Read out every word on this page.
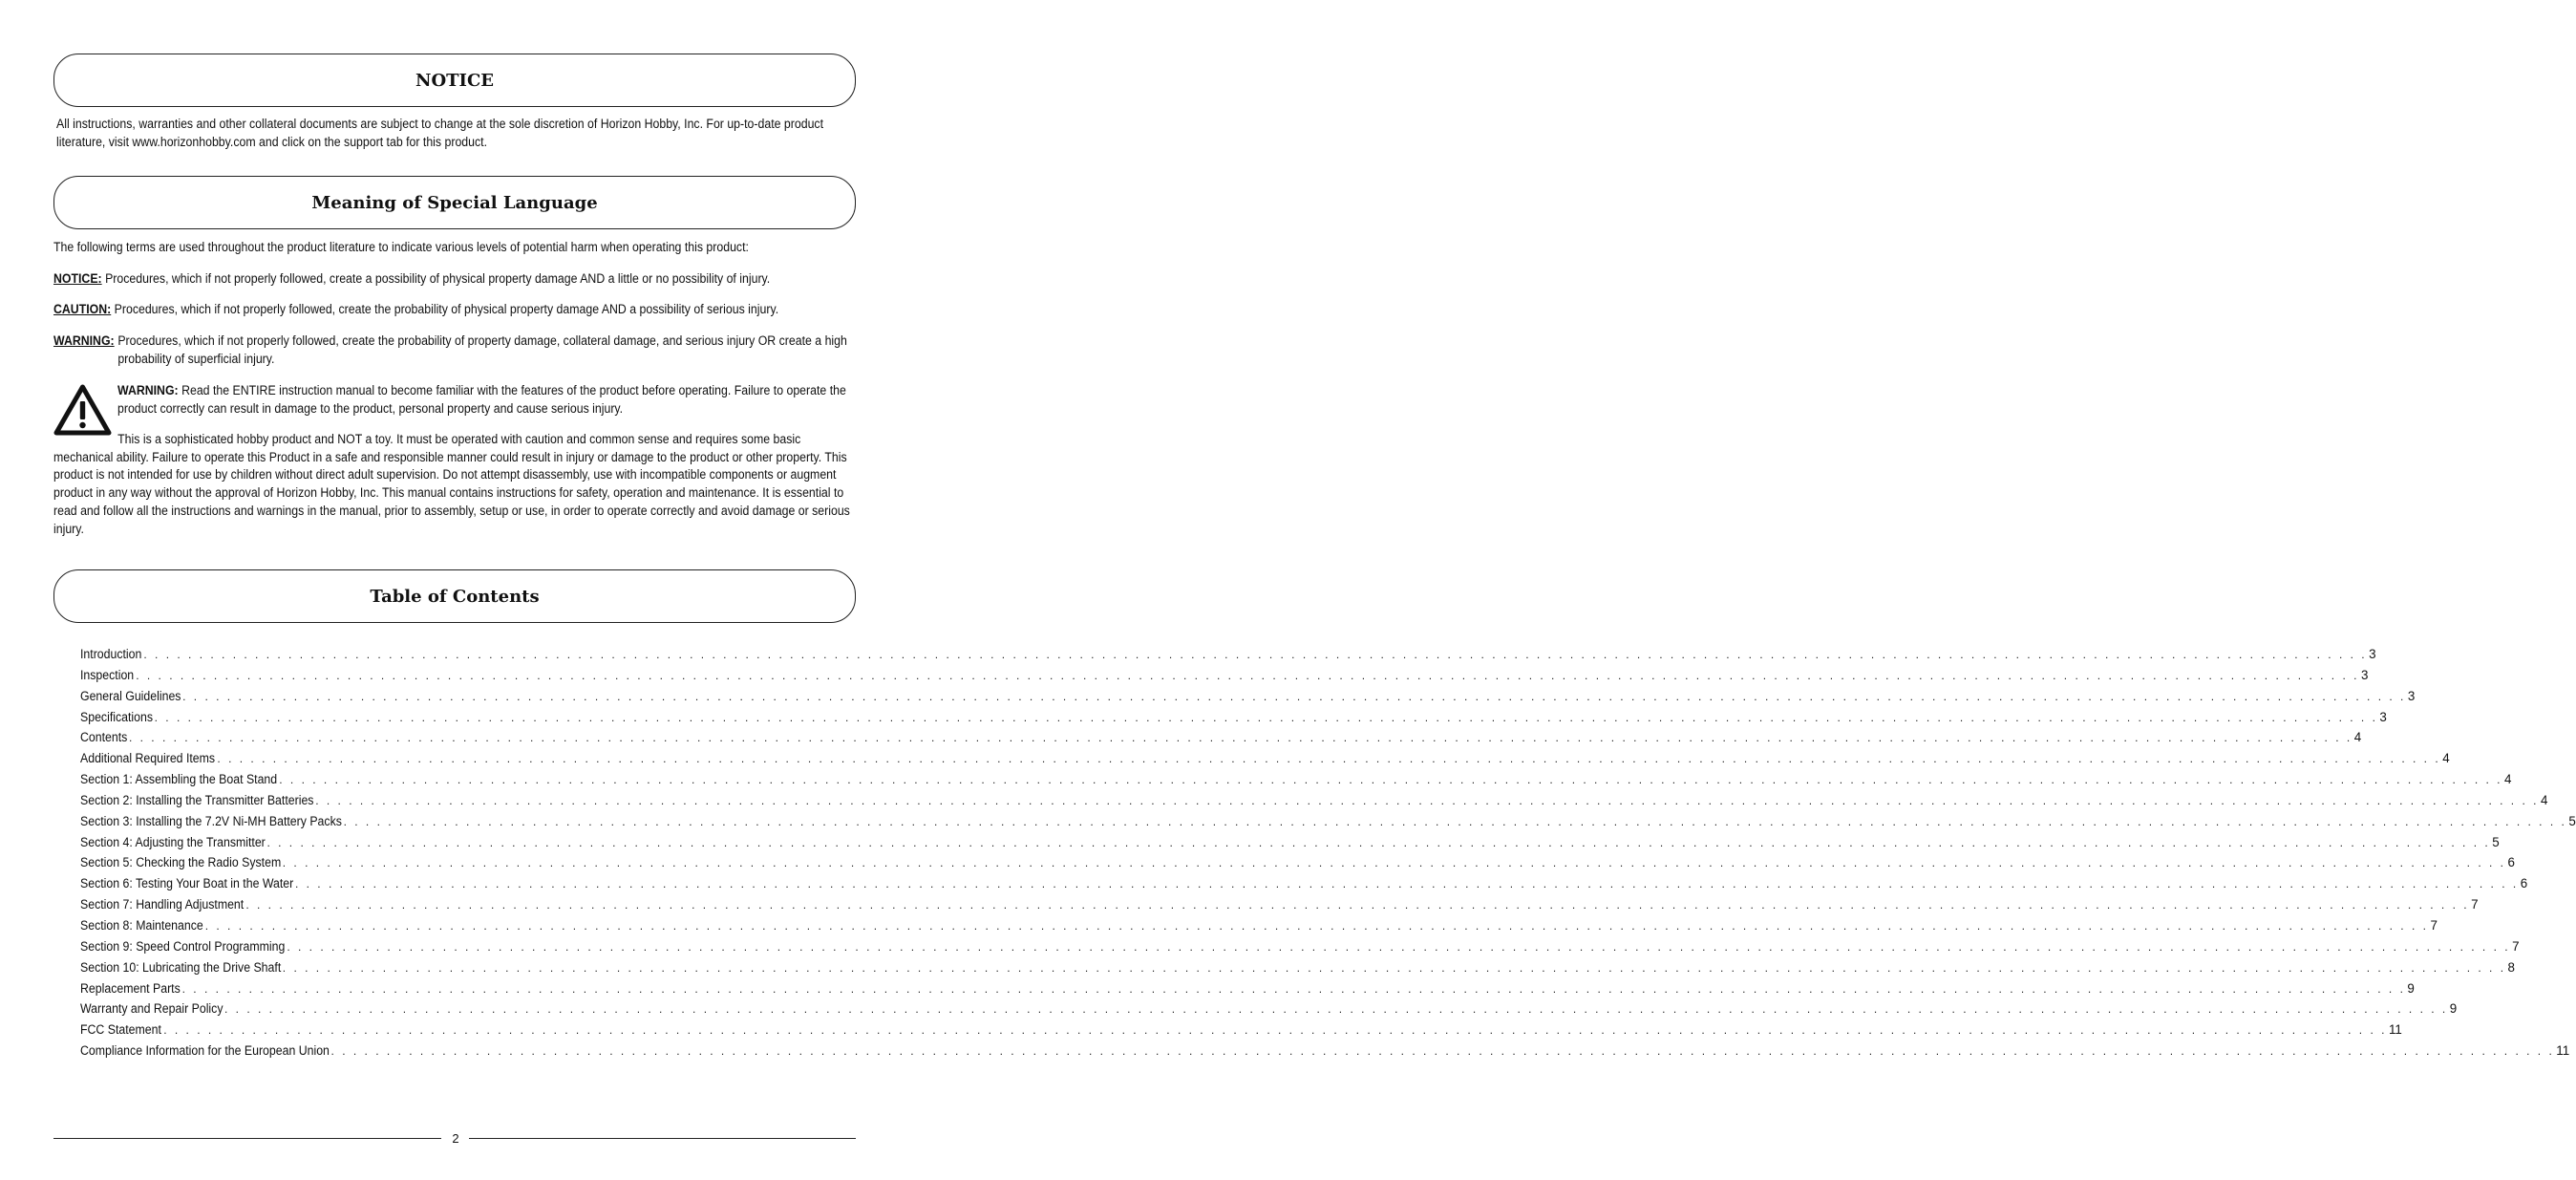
NOTICE
All instructions, warranties and other collateral documents are subject to change at the sole discretion of Horizon Hobby, Inc. For up-to-date product literature, visit www.horizonhobby.com and click on the support tab for this product.
Meaning of Special Language
The following terms are used throughout the product literature to indicate various levels of potential harm when operating this product:
NOTICE: Procedures, which if not properly followed, create a possibility of physical property damage AND a little or no possibility of injury.
CAUTION: Procedures, which if not properly followed, create the probability of physical property damage AND a possibility of serious injury.
WARNING: Procedures, which if not properly followed, create the probability of property damage, collateral damage, and serious injury OR create a high probability of superficial injury.
WARNING: Read the ENTIRE instruction manual to become familiar with the features of the product before operating. Failure to operate the product correctly can result in damage to the product, personal property and cause serious injury.
This is a sophisticated hobby product and NOT a toy. It must be operated with caution and common sense and requires some basic mechanical ability. Failure to operate this Product in a safe and responsible manner could result in injury or damage to the product or other property. This product is not intended for use by children without direct adult supervision. Do not attempt disassembly, use with incompatible components or augment product in any way without the approval of Horizon Hobby, Inc. This manual contains instructions for safety, operation and maintenance. It is essential to read and follow all the instructions and warnings in the manual, prior to assembly, setup or use, in order to operate correctly and avoid damage or serious injury.
Table of Contents
Introduction . . . . . . . . . . . . . . . . . . . . . . . . . . . . . . . . . . . . . . . . . . . . . . . . . . . . . . . . . . . . . . . . . . . . . . . . . . . . . . . . . . . . . . . . . . . . . . . . . . . . . . . . . . . . . . . . . . . . . . . . . . . . . . . . . . . . . . . . . . . . . . . . . . . . . . . . . . . . . . . . . . . . . . . . . . . . . . . . . . . . . . . . . . . . . . . . . . . . . . . . 3
Inspection . . . . . . . . . . . . . . . . . . . . . . . . . . . . . . . . . . . . . . . . . . . . . . . . . . . . . . . . . . . . . . . . . . . . . . . . . . . . . . . . . . . . . . . . . . . . . . . . . . . . . . . . . . . . . . . . . . . . . . . . . . . . . . . . . . . . . . . . . . . . . . . . . . . . . . . . . . . . . . . . . . . . . . . . . . . . . . . . . . . . . . . . . . . . . . . . . . . . . . . . 3
General Guidelines . . . . . . . . . . . . . . . . . . . . . . . . . . . . . . . . . . . . . . . . . . . . . . . . . . . . . . . . . . . . . . . . . . . . . . . . . . . . . . . . . . . . . . . . . . . . . . . . . . . . . . . . . . . . . . . . . . . . . . . . . . . . . . . . . . . . . . . . . . . . . . . . . . . . . . . . . . . . . . . . . . . . . . . . . . . . . . . . . . . . . . . . . . . . . . . . . . . . . . . . 3
Specifications . . . . . . . . . . . . . . . . . . . . . . . . . . . . . . . . . . . . . . . . . . . . . . . . . . . . . . . . . . . . . . . . . . . . . . . . . . . . . . . . . . . . . . . . . . . . . . . . . . . . . . . . . . . . . . . . . . . . . . . . . . . . . . . . . . . . . . . . . . . . . . . . . . . . . . . . . . . . . . . . . . . . . . . . . . . . . . . . . . . . . . . . . . . . . . . . . . . . . . . . 3
Contents . . . . . . . . . . . . . . . . . . . . . . . . . . . . . . . . . . . . . . . . . . . . . . . . . . . . . . . . . . . . . . . . . . . . . . . . . . . . . . . . . . . . . . . . . . . . . . . . . . . . . . . . . . . . . . . . . . . . . . . . . . . . . . . . . . . . . . . . . . . . . . . . . . . . . . . . . . . . . . . . . . . . . . . . . . . . . . . . . . . . . . . . . . . . . . . . . . . . . . . . 4
Additional Required Items . . . . . . . . . . . . . . . . . . . . . . . . . . . . . . . . . . . . . . . . . . . . . . . . . . . . . . . . . . . . . . . . . . . . . . . . . . . . . . . . . . . . . . . . . . . . . . . . . . . . . . . . . . . . . . . . . . . . . . . . . . . . . . . . . . . . . . . . . . . . . . . . . . . . . . . . . . . . . . . . . . . . . . . . . . . . . . . . . . . . . . . . . . . . . . . . . . . . . . . . 4
Section 1: Assembling the Boat Stand . . . . . . . . . . . . . . . . . . . . . . . . . . . . . . . . . . . . . . . . . . . . . . . . . . . . . . . . . . . . . . . . . . . . . . . . . . . . . . . . . . . . . . . . . . . . . . . . . . . . . . . . . . . . . . . . . . . . . . . . . . . . . . . . . . . . . . . . . . . . . . . . . . . . . . . . . . . . . . . . . . . . . . . . . . . . . . . . . . . . . . . . . . . . . . . . . . . . . . . . 4
Section 2: Installing the Transmitter Batteries . . . . . . . . . . . . . . . . . . . . . . . . . . . . . . . . . . . . . . . . . . . . . . . . . . . . . . . . . . . . . . . . . . . . . . . . . . . . . . . . . . . . . . . . . . . . . . . . . . . . . . . . . . . . . . . . . . . . . . . . . . . . . . . . . . . . . . . . . . . . . . . . . . . . . . . . . . . . . . . . . . . . . . . . . . . . . . . . . . . . . . . . . . . . . . . . . . . . . . . . 4
Section 3: Installing the 7.2V Ni-MH Battery Packs . . . . . . . . . . . . . . . . . . . . . . . . . . . . . . . . . . . . . . . . . . . . . . . . . . . . . . . . . . . . . . . . . . . . . . . . . . . . . . . . . . . . . . . . . . . . . . . . . . . . . . . . . . . . . . . . . . . . . . . . . . . . . . . . . . . . . . . . . . . . . . . . . . . . . . . . . . . . . . . . . . . . . . . . . . . . . . . . . . . . . . . . . . . . . . . . . . . . . . . . 5
Section 4: Adjusting the Transmitter . . . . . . . . . . . . . . . . . . . . . . . . . . . . . . . . . . . . . . . . . . . . . . . . . . . . . . . . . . . . . . . . . . . . . . . . . . . . . . . . . . . . . . . . . . . . . . . . . . . . . . . . . . . . . . . . . . . . . . . . . . . . . . . . . . . . . . . . . . . . . . . . . . . . . . . . . . . . . . . . . . . . . . . . . . . . . . . . . . . . . . . . . . . . . . . . . . . . . . . . 5
Section 5: Checking the Radio System . . . . . . . . . . . . . . . . . . . . . . . . . . . . . . . . . . . . . . . . . . . . . . . . . . . . . . . . . . . . . . . . . . . . . . . . . . . . . . . . . . . . . . . . . . . . . . . . . . . . . . . . . . . . . . . . . . . . . . . . . . . . . . . . . . . . . . . . . . . . . . . . . . . . . . . . . . . . . . . . . . . . . . . . . . . . . . . . . . . . . . . . . . . . . . . . . . . . . . . . 6
Section 6: Testing Your Boat in the Water . . . . . . . . . . . . . . . . . . . . . . . . . . . . . . . . . . . . . . . . . . . . . . . . . . . . . . . . . . . . . . . . . . . . . . . . . . . . . . . . . . . . . . . . . . . . . . . . . . . . . . . . . . . . . . . . . . . . . . . . . . . . . . . . . . . . . . . . . . . . . . . . . . . . . . . . . . . . . . . . . . . . . . . . . . . . . . . . . . . . . . . . . . . . . . . . . . . . . . . . 6
Section 7: Handling Adjustment . . . . . . . . . . . . . . . . . . . . . . . . . . . . . . . . . . . . . . . . . . . . . . . . . . . . . . . . . . . . . . . . . . . . . . . . . . . . . . . . . . . . . . . . . . . . . . . . . . . . . . . . . . . . . . . . . . . . . . . . . . . . . . . . . . . . . . . . . . . . . . . . . . . . . . . . . . . . . . . . . . . . . . . . . . . . . . . . . . . . . . . . . . . . . . . . . . . . . . . . 7
Section 8: Maintenance . . . . . . . . . . . . . . . . . . . . . . . . . . . . . . . . . . . . . . . . . . . . . . . . . . . . . . . . . . . . . . . . . . . . . . . . . . . . . . . . . . . . . . . . . . . . . . . . . . . . . . . . . . . . . . . . . . . . . . . . . . . . . . . . . . . . . . . . . . . . . . . . . . . . . . . . . . . . . . . . . . . . . . . . . . . . . . . . . . . . . . . . . . . . . . . . . . . . . . . . 7
Section 9: Speed Control Programming . . . . . . . . . . . . . . . . . . . . . . . . . . . . . . . . . . . . . . . . . . . . . . . . . . . . . . . . . . . . . . . . . . . . . . . . . . . . . . . . . . . . . . . . . . . . . . . . . . . . . . . . . . . . . . . . . . . . . . . . . . . . . . . . . . . . . . . . . . . . . . . . . . . . . . . . . . . . . . . . . . . . . . . . . . . . . . . . . . . . . . . . . . . . . . . . . . . . . . . . 7
Section 10: Lubricating the Drive Shaft . . . . . . . . . . . . . . . . . . . . . . . . . . . . . . . . . . . . . . . . . . . . . . . . . . . . . . . . . . . . . . . . . . . . . . . . . . . . . . . . . . . . . . . . . . . . . . . . . . . . . . . . . . . . . . . . . . . . . . . . . . . . . . . . . . . . . . . . . . . . . . . . . . . . . . . . . . . . . . . . . . . . . . . . . . . . . . . . . . . . . . . . . . . . . . . . . . . . . . . . 8
Replacement Parts . . . . . . . . . . . . . . . . . . . . . . . . . . . . . . . . . . . . . . . . . . . . . . . . . . . . . . . . . . . . . . . . . . . . . . . . . . . . . . . . . . . . . . . . . . . . . . . . . . . . . . . . . . . . . . . . . . . . . . . . . . . . . . . . . . . . . . . . . . . . . . . . . . . . . . . . . . . . . . . . . . . . . . . . . . . . . . . . . . . . . . . . . . . . . . . . . . . . . . . . 9
Warranty and Repair Policy . . . . . . . . . . . . . . . . . . . . . . . . . . . . . . . . . . . . . . . . . . . . . . . . . . . . . . . . . . . . . . . . . . . . . . . . . . . . . . . . . . . . . . . . . . . . . . . . . . . . . . . . . . . . . . . . . . . . . . . . . . . . . . . . . . . . . . . . . . . . . . . . . . . . . . . . . . . . . . . . . . . . . . . . . . . . . . . . . . . . . . . . . . . . . . . . . . . . . . . . 9
FCC Statement . . . . . . . . . . . . . . . . . . . . . . . . . . . . . . . . . . . . . . . . . . . . . . . . . . . . . . . . . . . . . . . . . . . . . . . . . . . . . . . . . . . . . . . . . . . . . . . . . . . . . . . . . . . . . . . . . . . . . . . . . . . . . . . . . . . . . . . . . . . . . . . . . . . . . . . . . . . . . . . . . . . . . . . . . . . . . . . . . . . . . . . . . . . . . . . . . . . . . . . . 11
Compliance Information for the European Union . . . . . . . . . . . . . . . . . . . . . . . . . . . . . . . . . . . . . . . . . . . . . . . . . . . . . . . . . . . . . . . . . . . . . . . . . . . . . . . . . . . . . . . . . . . . . . . . . . . . . . . . . . . . . . . . . . . . . . . . . . . . . . . . . . . . . . . . . . . . . . . . . . . . . . . . . . . . . . . . . . . . . . . . . . . . . . . . . . . . . . . . . . . . . . . . . . . . . . . . 11
2
